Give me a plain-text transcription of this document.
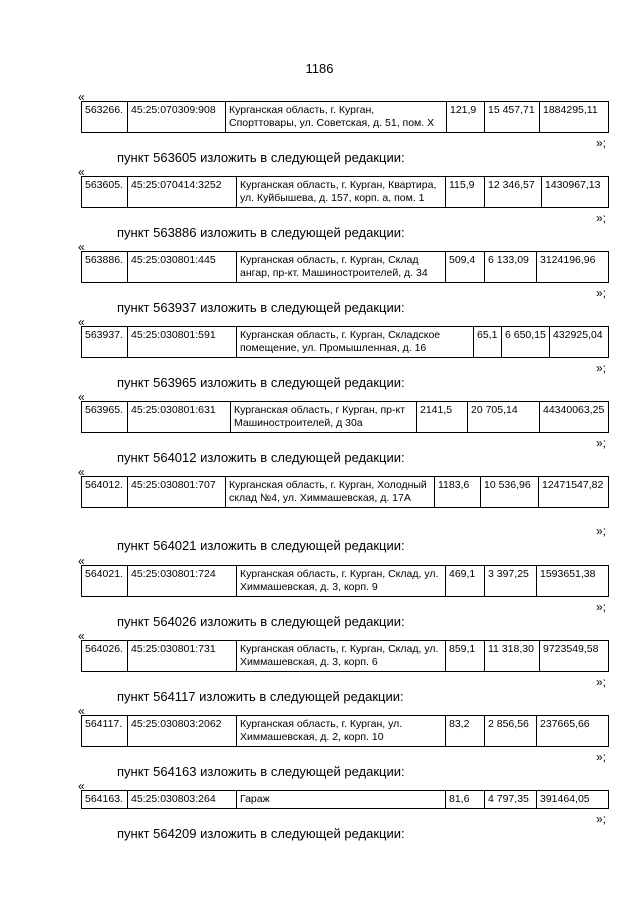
1186
«
563266.	45:25:070309:908	Курганская область, г. Курган, Спорттовары, ул. Советская, д. 51, пом. X	121,9	15 457,71	1884295,11
»;
пункт 563605 изложить в следующей редакции:
«
563605.	45:25:070414:3252	Курганская область, г. Курган, Квартира, ул. Куйбышева, д. 157, корп. а, пом. 1	115,9	12 346,57	1430967,13
»;
пункт 563886 изложить в следующей редакции:
«
563886.	45:25:030801:445	Курганская область, г. Курган, Склад ангар, пр-кт. Машиностроителей, д. 34	509,4	6 133,09	3124196,96
»;
пункт 563937 изложить в следующей редакции:
«
563937.	45:25:030801:591	Курганская область, г. Курган, Складское помещение, ул. Промышленная, д. 16	65,1	6 650,15	432925,04
»;
пункт 563965 изложить в следующей редакции:
«
563965.	45:25:030801:631	Курганская область, г Курган, пр-кт Машиностроителей, д 30а	2141,5	20 705,14	44340063,25
»;
пункт 564012 изложить в следующей редакции:
«
564012.	45:25:030801:707	Курганская область, г. Курган, Холодный склад №4, ул. Химмашевская, д. 17А	1183,6	10 536,96	12471547,82
»;
пункт 564021 изложить в следующей редакции:
«
564021.	45:25:030801:724	Курганская область, г. Курган, Склад, ул. Химмашевская, д. 3, корп. 9	469,1	3 397,25	1593651,38
»;
пункт 564026 изложить в следующей редакции:
«
564026.	45:25:030801:731	Курганская область, г. Курган, Склад, ул. Химмашевская, д. 3, корп. 6	859,1	11 318,30	9723549,58
»;
пункт 564117 изложить в следующей редакции:
«
564117.	45:25:030803:2062	Курганская область, г. Курган, ул. Химмашевская, д. 2, корп. 10	83,2	2 856,56	237665,66
»;
пункт 564163 изложить в следующей редакции:
«
564163.	45:25:030803:264	Гараж	81,6	4 797,35	391464,05
»;
пункт 564209 изложить в следующей редакции:
